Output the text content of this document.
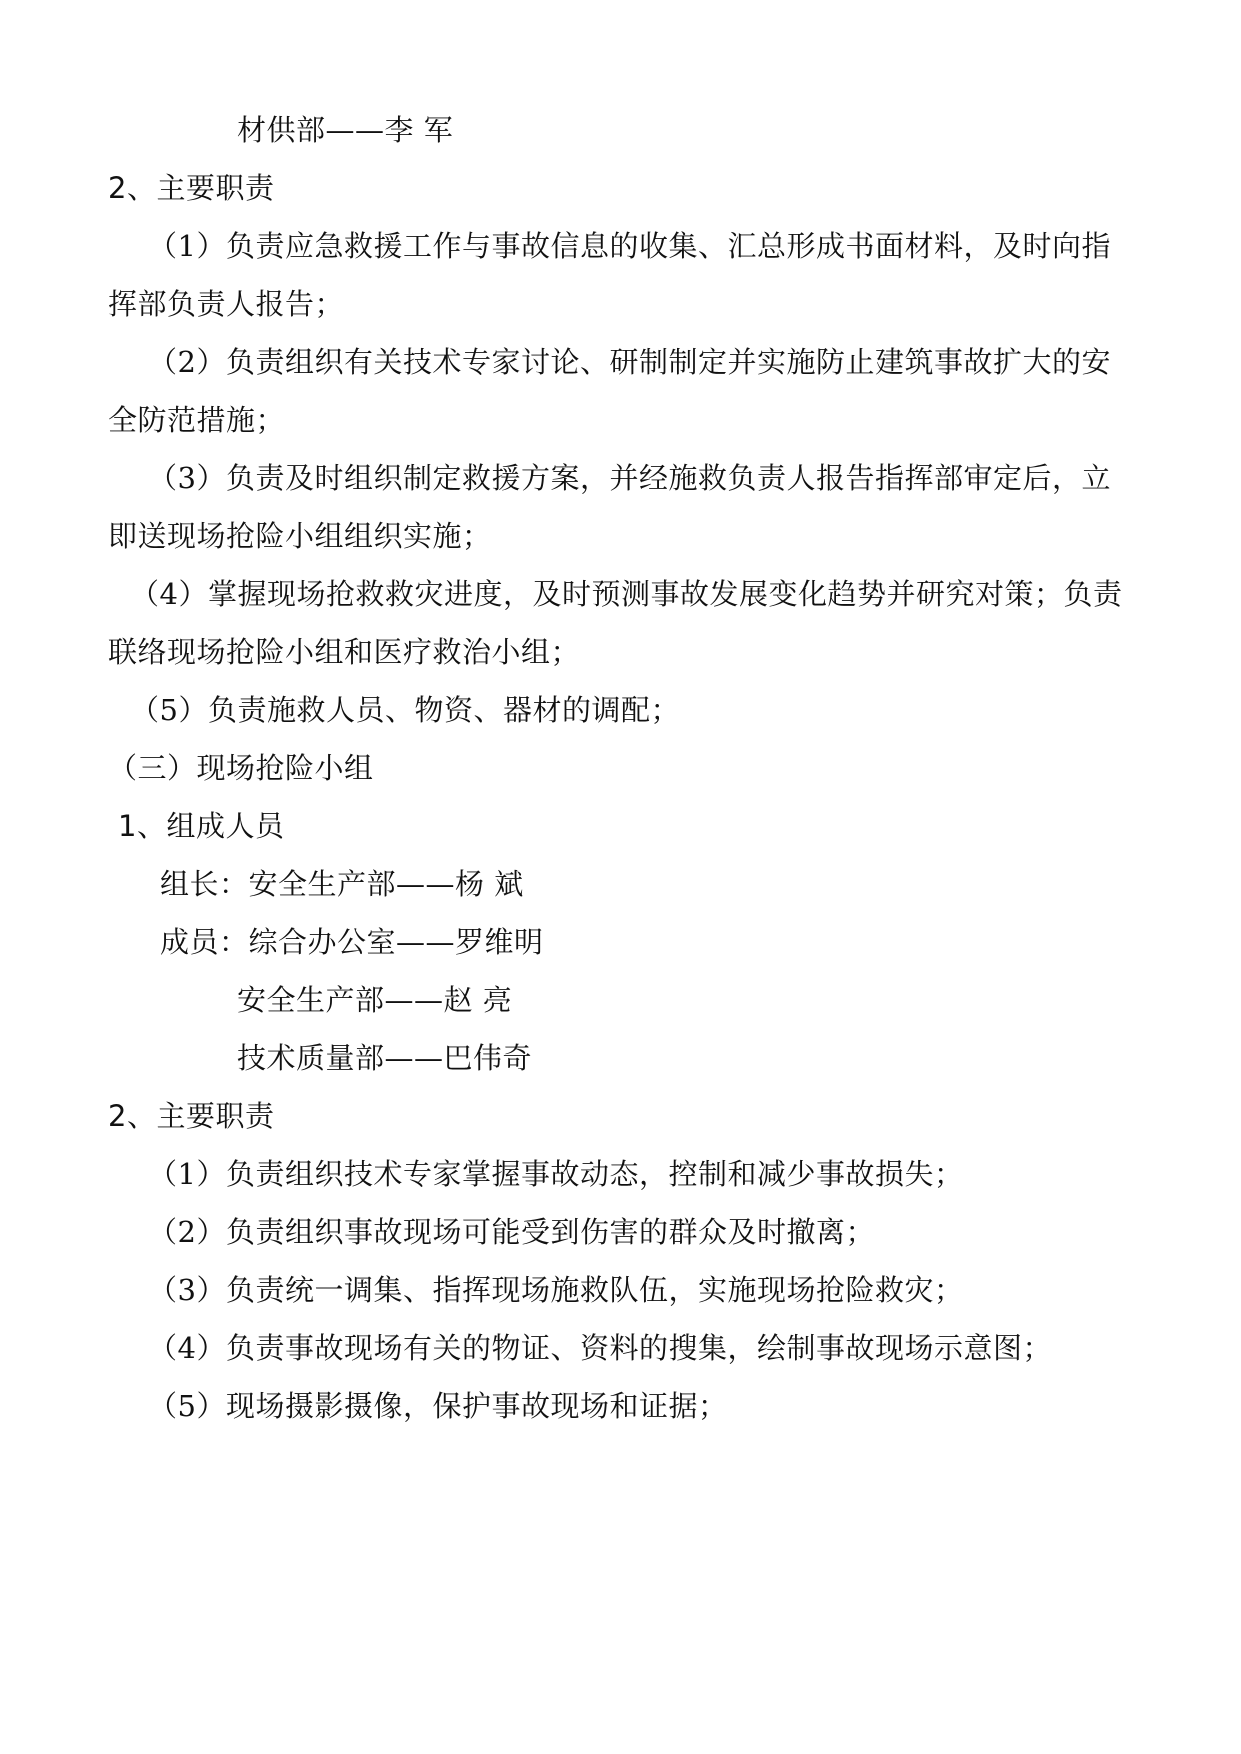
材供部——李 军
2、主要职责
（1）负责应急救援工作与事故信息的收集、汇总形成书面材料，及时向指
挥部负责人报告；
（2）负责组织有关技术专家讨论、研制制定并实施防止建筑事故扩大的安
全防范措施；
（3）负责及时组织制定救援方案，并经施救负责人报告指挥部审定后，立
即送现场抢险小组组织实施；
（4）掌握现场抢救救灾进度，及时预测事故发展变化趋势并研究对策；负责
联络现场抢险小组和医疗救治小组；
（5）负责施救人员、物资、器材的调配；
（三）现场抢险小组
1、组成人员
组长：安全生产部——杨 斌
成员：综合办公室——罗维明
安全生产部——赵 亮
技术质量部——巴伟奇
2、主要职责
（1）负责组织技术专家掌握事故动态，控制和减少事故损失；
（2）负责组织事故现场可能受到伤害的群众及时撤离；
（3）负责统一调集、指挥现场施救队伍，实施现场抢险救灾；
（4）负责事故现场有关的物证、资料的搜集，绘制事故现场示意图；
（5）现场摄影摄像，保护事故现场和证据；
